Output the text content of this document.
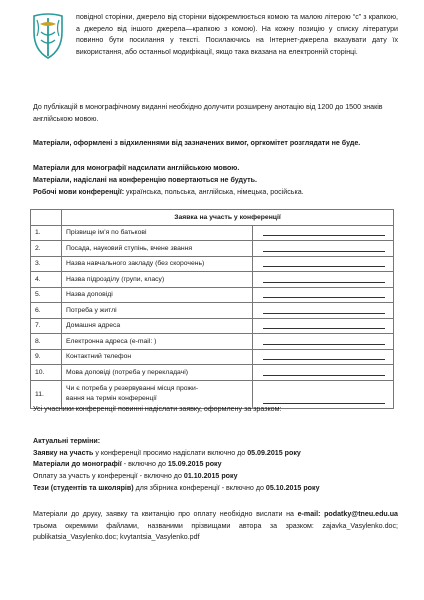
повідної сторінки, джерело від сторінки відокремлюється комою та малою літерою “с” з крапкою, а джерело від іншого джерела—крапкою з комою). На кожну позицію у списку літератури повинно бути посилання у тексті. Посилаючись на Інтернет-джерела вказувати дату їх використання, або останньої модифікації, якщо така вказана на електронній сторінці.
До публікацій в монографічному виданні необхідно долучити розширену анотацію від 1200 до 1500 знаків англійською мовою.
Матеріали, оформлені з відхиленнями від зазначених вимог, оргкомітет розглядати не буде.
Матеріали для монографії надсилати англійською мовою.
Матеріали, надіслані на конференцію повертаються не будуть.
Робочі мови конференції: українська, польська, англійська, німецька, російська.
	Заявка на участь у конференції	
1.	Прізвище ім’я по батькові	

2.	Посада, науковий ступінь, вчене звання	

3.	Назва навчального закладу (без скорочень)	

4.	Назва підрозділу (групи, класу)	

5.	Назва доповіді	

6.	Потреба у житлі	

7.	Домашня адреса	

8.	Електронна адреса (e-mail: )	

9.	Контактний телефон	

10.	Мова доповіді (потреба у перекладачі)	

11.	Чи є потреба у резервуванні місця прожи-
вання на термін конференції	

Усі учасники конференції повинні надіслати заявку, оформлену за зразком:
Актуальні терміни:
Заявку на участь у конференції просимо надіслати включно до 05.09.2015 року
Матеріали до монографії - включно до 15.09.2015 року
Оплату за участь у конференції - включно до 01.10.2015 року
Тези (студентів та школярів) для збірника конференції - включно до 05.10.2015 року
Матеріали до друку, заявку та квитанцію про оплату необхідно вислати на e-mail: podatky@tneu.edu.ua трьома окремими файлами, названими прізвищами автора за зразком: zajavka_Vasylenko.doc; publikatsia_Vasylenko.doc; kvytantsia_Vasylenko.pdf
